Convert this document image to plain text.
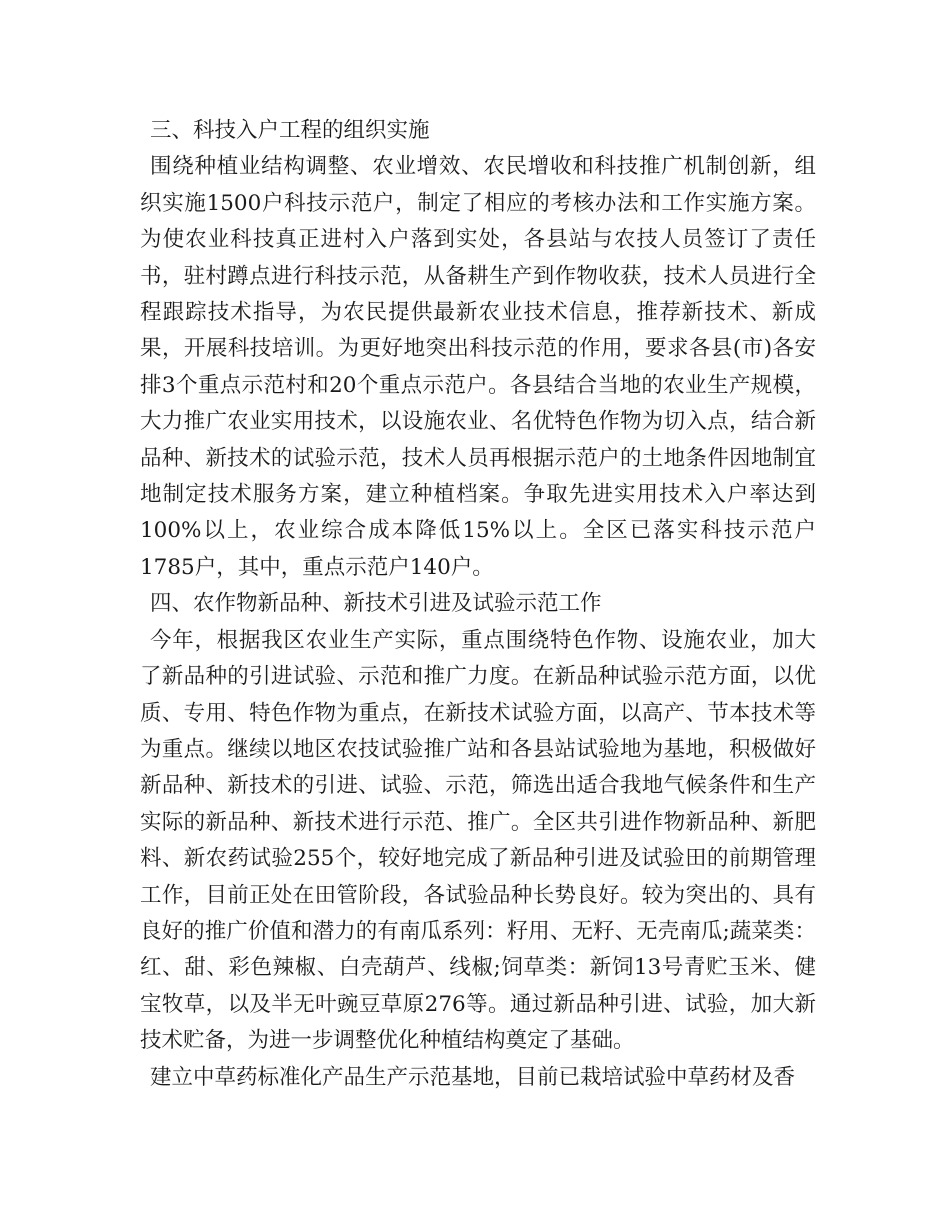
三、科技入户工程的组织实施

围绕种植业结构调整、农业增效、农民增收和科技推广机制创新，组织实施1500户科技示范户，制定了相应的考核办法和工作实施方案。为使农业科技真正进村入户落到实处，各县站与农技人员签订了责任书，驻村蹲点进行科技示范，从备耕生产到作物收获，技术人员进行全程跟踪技术指导，为农民提供最新农业技术信息，推荐新技术、新成果，开展科技培训。为更好地突出科技示范的作用，要求各县(市)各安排3个重点示范村和20个重点示范户。各县结合当地的农业生产规模，大力推广农业实用技术，以设施农业、名优特色作物为切入点，结合新品种、新技术的试验示范，技术人员再根据示范户的土地条件因地制宜地制定技术服务方案，建立种植档案。争取先进实用技术入户率达到100%以上，农业综合成本降低15%以上。全区已落实科技示范户1785户，其中，重点示范户140户。

四、农作物新品种、新技术引进及试验示范工作

今年，根据我区农业生产实际，重点围绕特色作物、设施农业，加大了新品种的引进试验、示范和推广力度。在新品种试验示范方面，以优质、专用、特色作物为重点，在新技术试验方面，以高产、节本技术等为重点。继续以地区农技试验推广站和各县站试验地为基地，积极做好新品种、新技术的引进、试验、示范，筛选出适合我地气候条件和生产实际的新品种、新技术进行示范、推广。全区共引进作物新品种、新肥料、新农药试验255个，较好地完成了新品种引进及试验田的前期管理工作，目前正处在田管阶段，各试验品种长势良好。较为突出的、具有良好的推广价值和潜力的有南瓜系列：籽用、无籽、无壳南瓜;蔬菜类：红、甜、彩色辣椒、白壳葫芦、线椒;饲草类：新饲13号青贮玉米、健宝牧草，以及半无叶豌豆草原276等。通过新品种引进、试验，加大新技术贮备，为进一步调整优化种植结构奠定了基础。

建立中草药标准化产品生产示范基地，目前已栽培试验中草药材及香
